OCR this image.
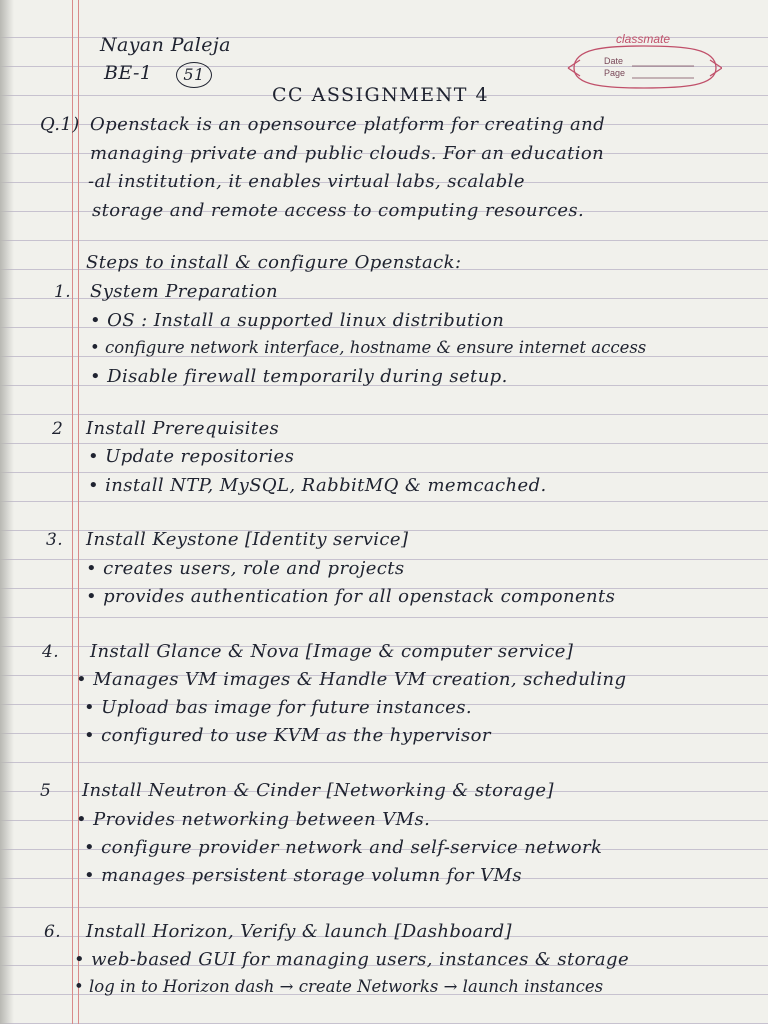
classmate
Date
Page
Nayan Paleja
BE-1	51
CC ASSIGNMENT 4
Q.1) Openstack is an opensource platform for creating and
managing private and public clouds. For an education
-al institution, it enables virtual labs, scalable
storage and remote access to computing resources.
Steps to install & configure Openstack:
1. System Preparation
• OS : Install a supported linux distribution
• configure network interface, hostname & ensure internet access
• Disable firewall temporarily during setup.
2 Install Prerequisites
• Update repositories
• install NTP, MySQL, RabbitMQ & memcached.
3. Install Keystone [Identity service]
• creates users, role and projects
• provides authentication for all openstack components
4. Install Glance & Nova [Image & computer service]
• Manages VM images & Handle VM creation, scheduling
• Upload bas image for future instances.
• configured to use KVM as the hypervisor
5 Install Neutron & Cinder [Networking & storage]
• Provides networking between VMs.
• configure provider network and self-service network
• manages persistent storage volumn for VMs
6. Install Horizon, Verify & launch [Dashboard]
• web-based GUI for managing users, instances & storage
• log in to Horizon dash → create Networks → launch instances
